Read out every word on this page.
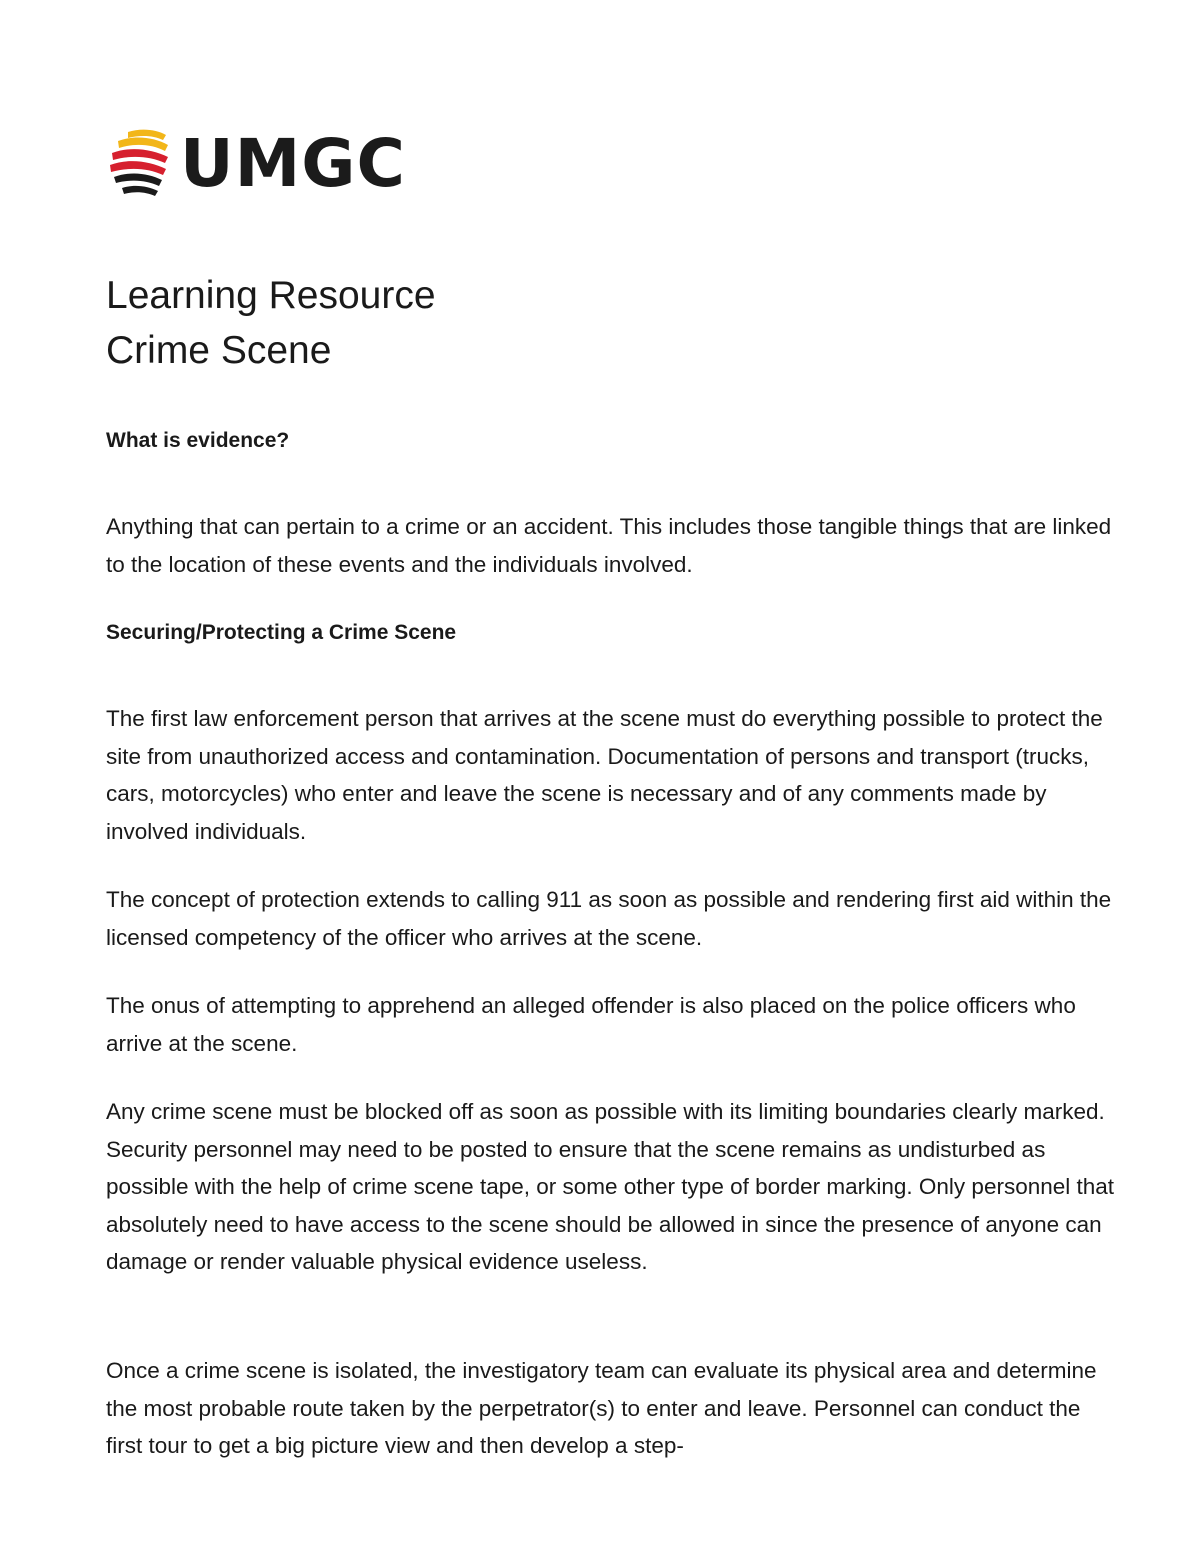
UMGC
Learning Resource
Crime Scene
What is evidence?

Anything that can pertain to a crime or an accident. This includes those tangible things that are linked to the location of these events and the individuals involved.

Securing/Protecting a Crime Scene

The first law enforcement person that arrives at the scene must do everything possible to protect the site from unauthorized access and contamination. Documentation of persons and transport (trucks, cars, motorcycles) who enter and leave the scene is necessary and of any comments made by involved individuals.

The concept of protection extends to calling 911 as soon as possible and rendering first aid within the licensed competency of the officer who arrives at the scene.

The onus of attempting to apprehend an alleged offender is also placed on the police officers who arrive at the scene.

Any crime scene must be blocked off as soon as possible with its limiting boundaries clearly marked. Security personnel may need to be posted to ensure that the scene remains as undisturbed as possible with the help of crime scene tape, or some other type of border marking. Only personnel that absolutely need to have access to the scene should be allowed in since the presence of anyone can damage or render valuable physical evidence useless.

Once a crime scene is isolated, the investigatory team can evaluate its physical area and determine the most probable route taken by the perpetrator(s) to enter and leave. Personnel can conduct the first tour to get a big picture view and then develop a step-
